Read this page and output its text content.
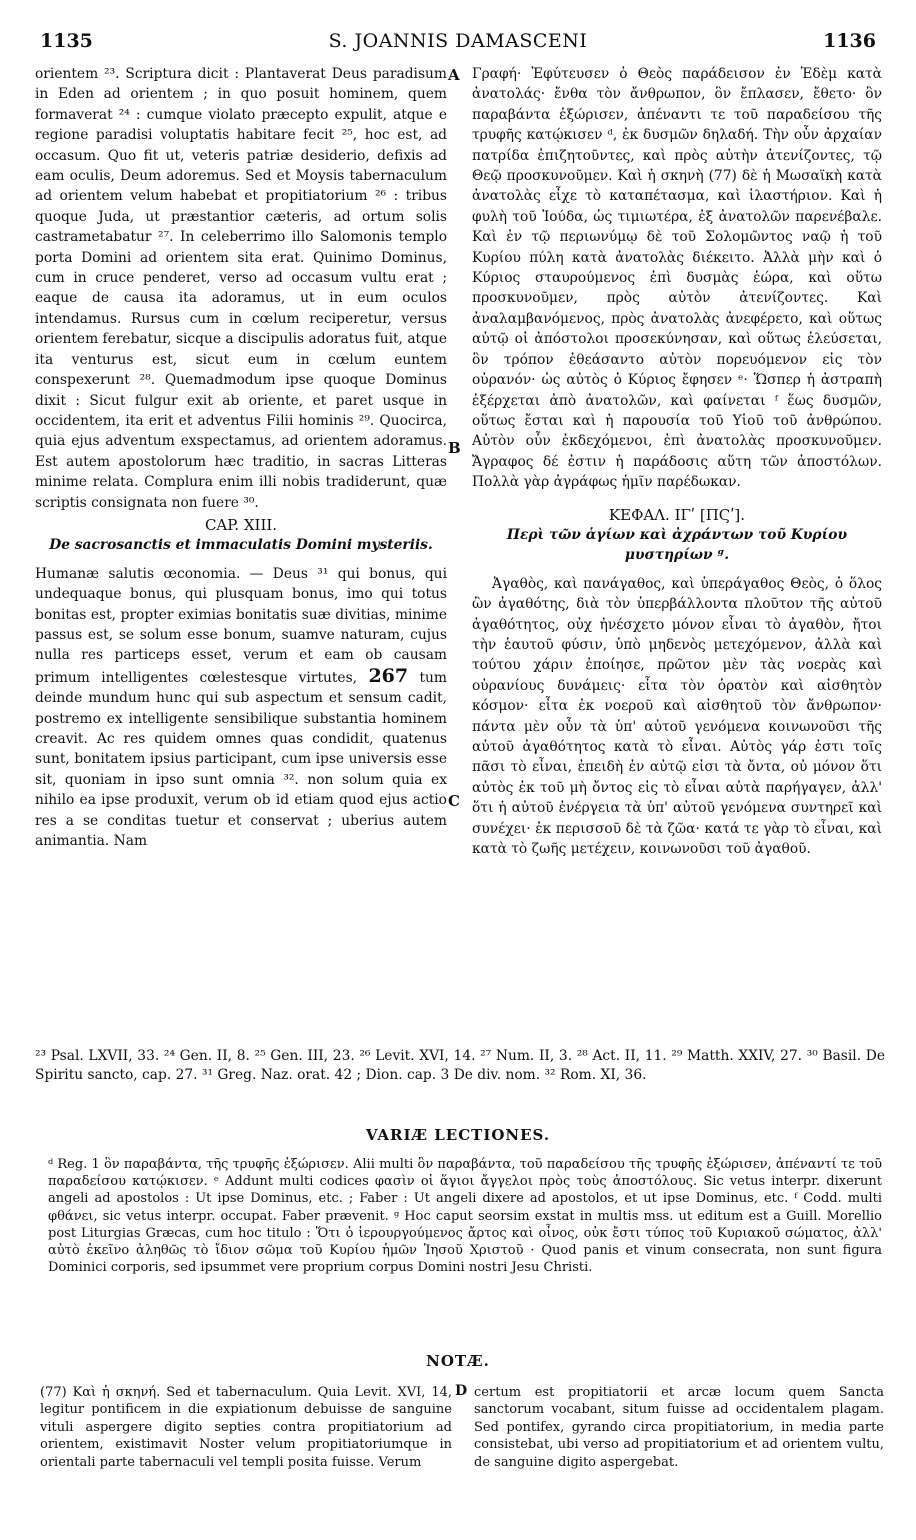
1135	S. JOANNIS DAMASCENI	1136

orientem ²³. Scriptura dicit : Plantaverat Deus paradisum in Eden ad orientem ; in quo posuit hominem, quem formaverat ²⁴ : cumque violato præcepto expulit, atque e regione paradisi voluptatis habitare fecit ²⁵, hoc est, ad occasum. Quo fit ut, veteris patriæ desiderio, defixis ad eam oculis, Deum adoremus. Sed et Moysis tabernaculum ad orientem velum habebat et propitiatorium ²⁶ : tribus quoque Juda, ut præstantior cæteris, ad ortum solis castrametabatur ²⁷. In celeberrimo illo Salomonis templo porta Domini ad orientem sita erat. Quinimo Dominus, cum in cruce penderet, verso ad occasum vultu erat ; eaque de causa ita adoramus, ut in eum oculos intendamus. Rursus cum in cœlum reciperetur, versus orientem ferebatur, sicque a discipulis adoratus fuit, atque ita venturus est, sicut eum in cœlum euntem conspexerunt ²⁸. Quemadmodum ipse quoque Dominus dixit : Sicut fulgur exit ab oriente, et paret usque in occidentem, ita erit et adventus Filii hominis ²⁹. Quocirca, quia ejus adventum exspectamus, ad orientem adoramus. Est autem apostolorum hæc traditio, in sacras Litteras minime relata. Complura enim illi nobis tradiderunt, quæ scriptis consignata non fuere ³⁰.

CAP. XIII.
De sacrosanctis et immaculatis Domini mysteriis.

Humanæ salutis œconomia. — Deus ³¹ qui bonus, qui undequaque bonus, qui plusquam bonus, imo qui totus bonitas est, propter eximias bonitatis suæ divitias, minime passus est, se solum esse bonum, suamve naturam, cujus nulla res particeps esset, verum et eam ob causam primum intelligentes cœlestesque virtutes, 267 tum deinde mundum hunc qui sub aspectum et sensum cadit, postremo ex intelligente sensibilique substantia hominem creavit. Ac res quidem omnes quas condidit, quatenus sunt, bonitatem ipsius participant, cum ipse universis esse sit, quoniam in ipso sunt omnia ³². non solum quia ex nihilo ea ipse produxit, verum ob id etiam quod ejus actio res a se conditas tuetur et conservat ; uberius autem animantia. Nam

A
B
C

Γραφή· Ἐφύτευσεν ὁ Θεὸς παράδεισον ἐν Ἐδὲμ κατὰ ἀνατολάς· ἔνθα τὸν ἄνθρωπον, ὃν ἔπλασεν, ἔθετο· ὃν παραβάντα ἐξώρισεν, ἀπέναντι τε τοῦ παραδείσου τῆς τρυφῆς κατῴκισεν ᵈ, ἐκ δυσμῶν δηλαδή. Τὴν οὖν ἀρχαίαν πατρίδα ἐπιζητοῦντες, καὶ πρὸς αὐτὴν ἀτενίζοντες, τῷ Θεῷ προσκυνοῦμεν. Καὶ ἡ σκηνὴ (77) δὲ ἡ Μωσαϊκὴ κατὰ ἀνατολὰς εἶχε τὸ καταπέτασμα, καὶ ἱλαστήριον. Καὶ ἡ φυλὴ τοῦ Ἰούδα, ὡς τιμιωτέρα, ἐξ ἀνατολῶν παρενέβαλε. Καὶ ἐν τῷ περιωνύμῳ δὲ τοῦ Σολομῶντος ναῷ ἡ τοῦ Κυρίου πύλη κατὰ ἀνατολὰς διέκειτο. Ἀλλὰ μὴν καὶ ὁ Κύριος σταυρούμενος ἐπὶ δυσμὰς ἑώρα, καὶ οὕτω προσκυνοῦμεν, πρὸς αὐτὸν ἀτενίζοντες. Καὶ ἀναλαμβανόμενος, πρὸς ἀνατολὰς ἀνεφέρετο, καὶ οὕτως αὐτῷ οἱ ἀπόστολοι προσεκύνησαν, καὶ οὕτως ἐλεύσεται, ὃν τρόπον ἐθεάσαντο αὐτὸν πορευόμενον εἰς τὸν οὐρανόν· ὡς αὐτὸς ὁ Κύριος ἔφησεν ᵉ· Ὥσπερ ἡ ἀστραπὴ ἐξέρχεται ἀπὸ ἀνατολῶν, καὶ φαίνεται ᶠ ἕως δυσμῶν, οὕτως ἔσται καὶ ἡ παρουσία τοῦ Υἱοῦ τοῦ ἀνθρώπου. Αὐτὸν οὖν ἐκδεχόμενοι, ἐπὶ ἀνατολὰς προσκυνοῦμεν. Ἄγραφος δέ ἐστιν ἡ παράδοσις αὕτη τῶν ἀποστόλων. Πολλὰ γὰρ ἀγράφως ἡμῖν παρέδωκαν.

ΚΕΦΑΛ. ΙΓʹ [ΠϚʹ].
Περὶ τῶν ἁγίων καὶ ἀχράντων τοῦ Κυρίου μυστηρίων ᵍ.

Ἀγαθὸς, καὶ πανάγαθος, καὶ ὑπεράγαθος Θεὸς, ὁ ὅλος ὢν ἀγαθότης, διὰ τὸν ὑπερβάλλοντα πλοῦτον τῆς αὐτοῦ ἀγαθότητος, οὐχ ἠνέσχετο μόνον εἶναι τὸ ἀγαθὸν, ἤτοι τὴν ἑαυτοῦ φύσιν, ὑπὸ μηδενὸς μετεχόμενον, ἀλλὰ καὶ τούτου χάριν ἐποίησε, πρῶτον μὲν τὰς νοερὰς καὶ οὐρανίους δυνάμεις· εἶτα τὸν ὁρατὸν καὶ αἰσθητὸν κόσμον· εἶτα ἐκ νοεροῦ καὶ αἰσθητοῦ τὸν ἄνθρωπον· πάντα μὲν οὖν τὰ ὑπ' αὐτοῦ γενόμενα κοινωνοῦσι τῆς αὐτοῦ ἀγαθότητος κατὰ τὸ εἶναι. Αὐτὸς γάρ ἐστι τοῖς πᾶσι τὸ εἶναι, ἐπειδὴ ἐν αὐτῷ εἰσι τὰ ὄντα, οὐ μόνον ὅτι αὐτὸς ἐκ τοῦ μὴ ὄντος εἰς τὸ εἶναι αὐτὰ παρήγαγεν, ἀλλ' ὅτι ἡ αὐτοῦ ἐνέργεια τὰ ὑπ' αὐτοῦ γενόμενα συντηρεῖ καὶ συνέχει· ἐκ περισσοῦ δὲ τὰ ζῶα· κατά τε γὰρ τὸ εἶναι, καὶ κατὰ τὸ ζωῆς μετέχειν, κοινωνοῦσι τοῦ ἀγαθοῦ.

²³ Psal. LXVII, 33. ²⁴ Gen. II, 8. ²⁵ Gen. III, 23. ²⁶ Levit. XVI, 14. ²⁷ Num. II, 3. ²⁸ Act. II, 11. ²⁹ Matth. XXIV, 27. ³⁰ Basil. De Spiritu sancto, cap. 27. ³¹ Greg. Naz. orat. 42 ; Dion. cap. 3 De div. nom. ³² Rom. XI, 36.
VARIÆ LECTIONES.
ᵈ Reg. 1 ὃν παραβάντα, τῆς τρυφῆς ἐξώρισεν. Alii multi ὃν παραβάντα, τοῦ παραδείσου τῆς τρυφῆς ἐξώρισεν, ἀπέναντί τε τοῦ παραδείσου κατῴκισεν. ᵉ Addunt multi codices φασὶν οἱ ἅγιοι ἄγγελοι πρὸς τοὺς ἀποστόλους. Sic vetus interpr. dixerunt angeli ad apostolos : Ut ipse Dominus, etc. ; Faber : Ut angeli dixere ad apostolos, et ut ipse Dominus, etc. ᶠ Codd. multi φθάνει, sic vetus interpr. occupat. Faber prævenit. ᵍ Hoc caput seorsim exstat in multis mss. ut editum est a Guill. Morellio post Liturgias Græcas, cum hoc titulo : Ὅτι ὁ ἱερουργούμενος ἄρτος καὶ οἶνος, οὐκ ἔστι τύπος τοῦ Κυριακοῦ σώματος, ἀλλ' αὐτὸ ἐκεῖνο ἀληθῶς τὸ ἴδιον σῶμα τοῦ Κυρίου ἡμῶν Ἰησοῦ Χριστοῦ · Quod panis et vinum consecrata, non sunt figura Dominici corporis, sed ipsummet vere proprium corpus Domini nostri Jesu Christi.
NOTÆ.
(77) Καὶ ἡ σκηνή. Sed et tabernaculum. Quia Levit. XVI, 14, legitur pontificem in die expiationum debuisse de sanguine vituli aspergere digito septies contra propitiatorium ad orientem, existimavit Noster velum propitiatoriumque in orientali parte tabernaculi vel templi posita fuisse. Verum
D certum est propitiatorii et arcæ locum quem Sancta sanctorum vocabant, situm fuisse ad occidentalem plagam. Sed pontifex, gyrando circa propitiatorium, in media parte consistebat, ubi verso ad propitiatorium et ad orientem vultu, de sanguine digito aspergebat.
